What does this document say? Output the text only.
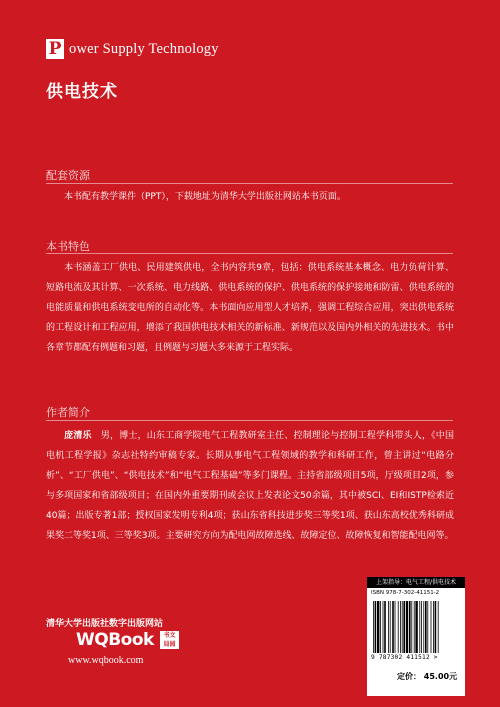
P ower Supply Technology
供电技术
配套资源

本书配有教学课件（PPT），下载地址为清华大学出版社网站本书页面。

本书特色

本书涵盖工厂供电、民用建筑供电，全书内容共9章，包括：供电系统基本概念、电力负荷计算、短路电流及其计算、一次系统、电力线路、供电系统的保护、供电系统的保护接地和防雷、供电系统的电能质量和供电系统变电所的自动化等。本书面向应用型人才培养，强调工程综合应用，突出供电系统的工程设计和工程应用，增添了我国供电技术相关的新标准、新规范以及国内外相关的先进技术。书中各章节都配有例题和习题，且例题与习题大多来源于工程实际。

作者简介

庞清乐  男，博士，山东工商学院电气工程教研室主任、控制理论与控制工程学科带头人，《中国电机工程学报》杂志社特约审稿专家。长期从事电气工程领域的教学和科研工作，曾主讲过“电路分析”、“工厂供电”、“供电技术”和“电气工程基础”等多门课程。主持省部级项目5项，厅级项目2项，参与多项国家和省部级项目；在国内外重要期刊或会议上发表论文50余篇，其中被SCI、EI和ISTP检索近40篇；出版专著1部；授权国家发明专利4项；获山东省科技进步奖三等奖1项、获山东高校优秀科研成果奖二等奖1项、三等奖3项。主要研究方向为配电网故障选线、故障定位、故障恢复和智能配电网等。

清华大学出版社数字出版网站
WQBook	书文
局园
www.wqbook.com
上架指导：电气工程/供电技术
ISBN 978-7-302-41151-2
9 787302 411512 >
定价： 45.00元
